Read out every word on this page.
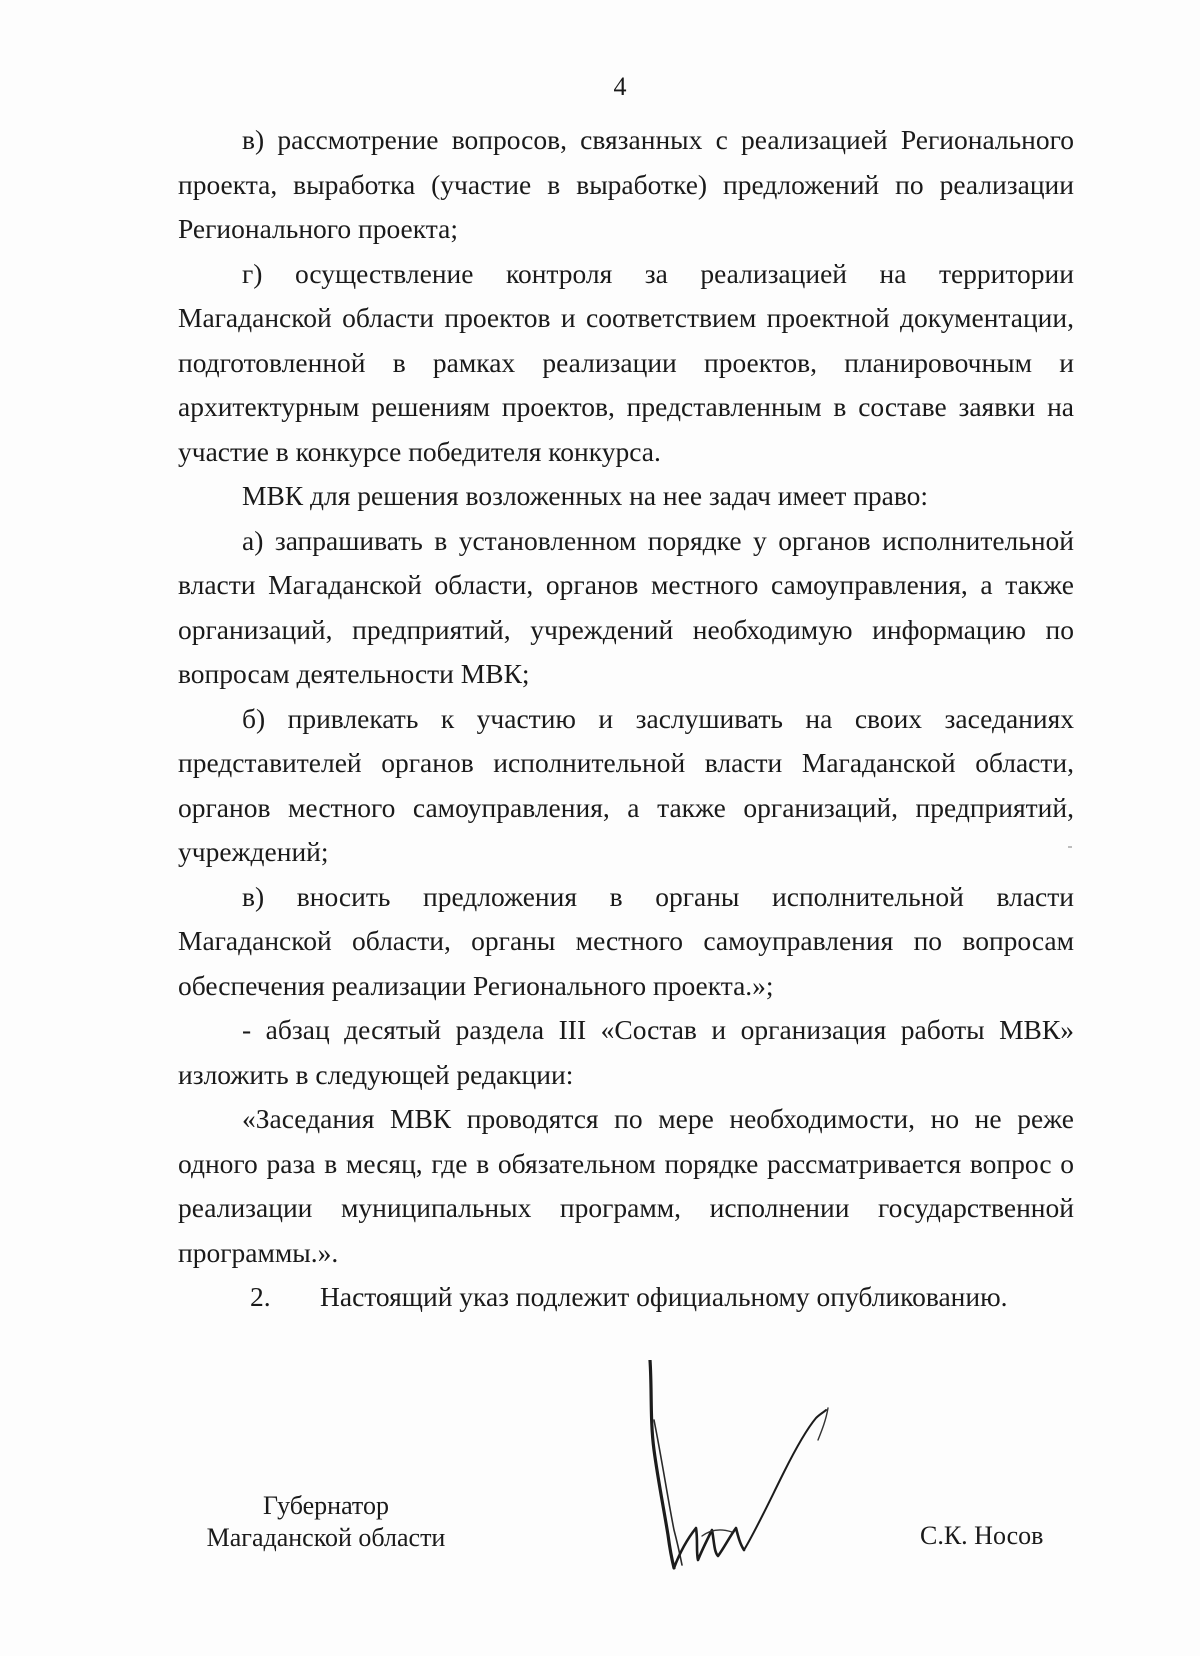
4

в) рассмотрение вопросов, связанных с реализацией Регионального проекта, выработка (участие в выработке) предложений по реализации Регионального проекта;

г) осуществление контроля за реализацией на территории Магаданской области проектов и соответствием проектной документации, подготовленной в рамках реализации проектов, планировочным и архитектурным решениям проектов, представленным в составе заявки на участие в конкурсе победителя конкурса.

МВК для решения возложенных на нее задач имеет право:

а) запрашивать в установленном порядке у органов исполнительной власти Магаданской области, органов местного самоуправления, а также организаций, предприятий, учреждений необходимую информацию по вопросам деятельности МВК;

б) привлекать к участию и заслушивать на своих заседаниях представителей органов исполнительной власти Магаданской области, органов местного самоуправления, а также организаций, предприятий, учреждений;

в) вносить предложения в органы исполнительной власти Магаданской области, органы местного самоуправления по вопросам обеспечения реализации Регионального проекта.»;

- абзац десятый раздела III «Состав и организация работы МВК» изложить в следующей редакции:

«Заседания МВК проводятся по мере необходимости, но не реже одного раза в месяц, где в обязательном порядке рассматривается вопрос о реализации муниципальных программ, исполнении государственной программы.».

2. Настоящий указ подлежит официальному опубликованию.

Губернатор
Магаданской области	С.К. Носов
